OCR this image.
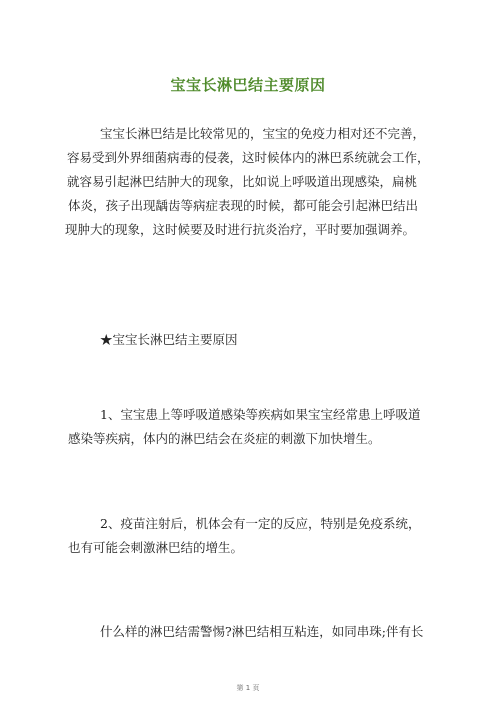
宝宝长淋巴结主要原因
宝宝长淋巴结是比较常见的，宝宝的免疫力相对还不完善，
容易受到外界细菌病毒的侵袭，这时候体内的淋巴系统就会工作，
就容易引起淋巴结肿大的现象，比如说上呼吸道出现感染，扁桃
体炎，孩子出现龋齿等病症表现的时候，都可能会引起淋巴结出
现肿大的现象，这时候要及时进行抗炎治疗，平时要加强调养。
★宝宝长淋巴结主要原因
1、宝宝患上等呼吸道感染等疾病如果宝宝经常患上呼吸道
感染等疾病，体内的淋巴结会在炎症的刺激下加快增生。
2、疫苗注射后，机体会有一定的反应，特别是免疫系统，
也有可能会刺激淋巴结的增生。
什么样的淋巴结需警惕?淋巴结相互粘连，如同串珠;伴有长
第 1 页
